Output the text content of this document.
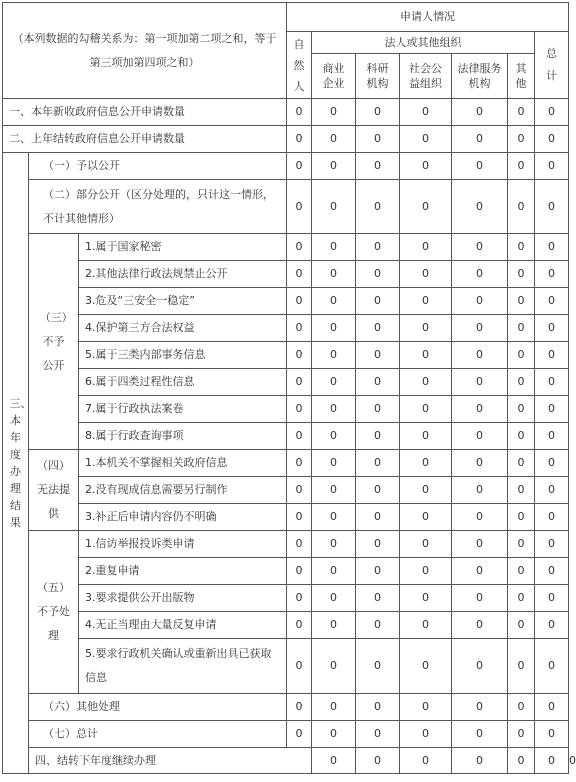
（本列数据的勾稽关系为：第一项加第二项之和，等于第三项加第四项之和）			申请人情况							
			自然人	法人或其他组织					总计	
				商业企业	科研机构	社会公益组织	法律服务机构	其他		
一、本年新收政府信息公开申请数量			0	0	0	0	0	0	0	
二、上年结转政府信息公开申请数量			0	0	0	0	0	0	0	

三、本年度办理结果	（一）予以公开		0	0	0	0	0	0	0	
	（二）部分公开（区分处理的，只计这一情形，不计其他情形）		0	0	0	0	0	0	0	
	（三）不予公开	1.属于国家秘密	0	0	0	0	0	0	0	
		2.其他法律行政法规禁止公开	0	0	0	0	0	0	0	
		3.危及“三安全一稳定”	0	0	0	0	0	0	0	
		4.保护第三方合法权益	0	0	0	0	0	0	0	
		5.属于三类内部事务信息	0	0	0	0	0	0	0	
		6.属于四类过程性信息	0	0	0	0	0	0	0	
		7.属于行政执法案卷	0	0	0	0	0	0	0	
		8.属于行政查询事项	0	0	0	0	0	0	0	
	（四）无法提供	1.本机关不掌握相关政府信息	0	0	0	0	0	0	0	
		2.没有现成信息需要另行制作	0	0	0	0	0	0	0	
		3.补正后申请内容仍不明确	0	0	0	0	0	0	0	
	（五）不予处理	1.信访举报投诉类申请	0	0	0	0	0	0	0	
		2.重复申请	0	0	0	0	0	0	0	
		3.要求提供公开出版物	0	0	0	0	0	0	0	
		4.无正当理由大量反复申请	0	0	0	0	0	0	0	
		5.要求行政机关确认或重新出具已获取信息	0	0	0	0	0	0	0	
	（六）其他处理		0	0	0	0	0	0	0	
	（七）总计		0	0	0	0	0	0	0	
	四、结转下年度继续办理			0	0	0	0	0	0	0
